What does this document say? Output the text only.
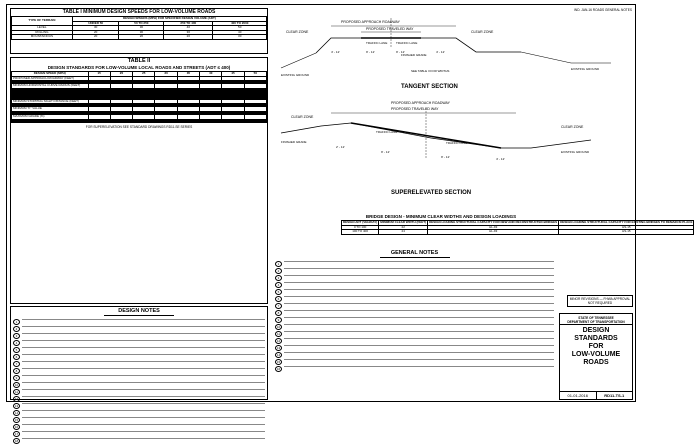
TABLE I MINIMUM DESIGN SPEEDS FOR LOW-VOLUME ROADS
TYPE OF TERRAIN	DESIGN SPEEDS (MPH) FOR SPECIFIED DESIGN VOLUME (ADT)			
	UNDER 50	50 TO 250	250 TO 400	400 TO 2000
LEVEL	30	30	40	50
ROLLING	20	30	30	40
MOUNTAINOUS	20	20	20	30
TABLE II
DESIGN STANDARDS FOR LOW-VOLUME LOCAL ROADS AND STREETS (ADT ≤ 400)
DESIGN SPEED (MPH)	15	20	25	30	35	40	45	50
PROPOSED APPROACH ROADWAY (FEET)								

MINIMUM HORIZONTAL CURVE RADIUS (FEET)								

MINIMUM STOPPING SIGHT DISTANCE (FEET)								

MINIMUM "K" VALUE								

MAXIMUM GRADE (%)								

FOR SUPERELEVATION SEE STANDARD DRAWINGS RD11-SE SERIES
DESIGN NOTES
1
2
3
4
5
6
7
8
9
10
11
12
13
14
15
16
17
18
PROPOSED APPROACH ROADWAY
PROPOSED TRAVELED WAY
CLEAR ZONE	CLEAR ZONE
TRAFFIC LANE	TRAFFIC LANE
FINISHED GRADE
EXISTING GROUND
EXISTING GROUND
SEE TABLE II FOR WIDTHS
4' - 12'	9' - 12'	9' - 12'	4' - 12'
TANGENT SECTION
PROPOSED APPROACH ROADWAY
PROPOSED TRAVELED WAY
CLEAR ZONE
CLEAR ZONE
TRAFFIC LANE
TRAFFIC LANE
FINISHED GRADE
EXISTING GROUND
2' - 12'
9' - 12'
9' - 12'	4' - 12'
SUPERELEVATED SECTION
BRIDGE DESIGN - MINIMUM CLEAR WIDTHS AND DESIGN LOADINGS
DESIGN ADT (VEH/DAY)	MINIMUM CLEAR WIDTH (FEET)	DESIGN LOADING STRUCTURAL CAPACITY FOR NEW AND RECONSTRUCTED BRIDGES	DESIGN LOADING STRUCTURAL CAPACITY FOR EXISTING BRIDGES TO REMAIN IN PLACE
0 TO 100	22	HL-93	HS-15
100 TO 400	24	HL-93	HS-15
GENERAL NOTES
1
2
3
4
5
6
7
8
9
10
11
12
13
14
15
16
MINOR REVISIONS — FHWA APPROVAL NOT REQUIRED
STATE OF TENNESSEE
DEPARTMENT OF TRANSPORTATION
DESIGN
STANDARDS
FOR
LOW-VOLUME
ROADS
01-01-2016	RD11-TS-1
IND. JAN-16 ROADS GENERAL NOTES
